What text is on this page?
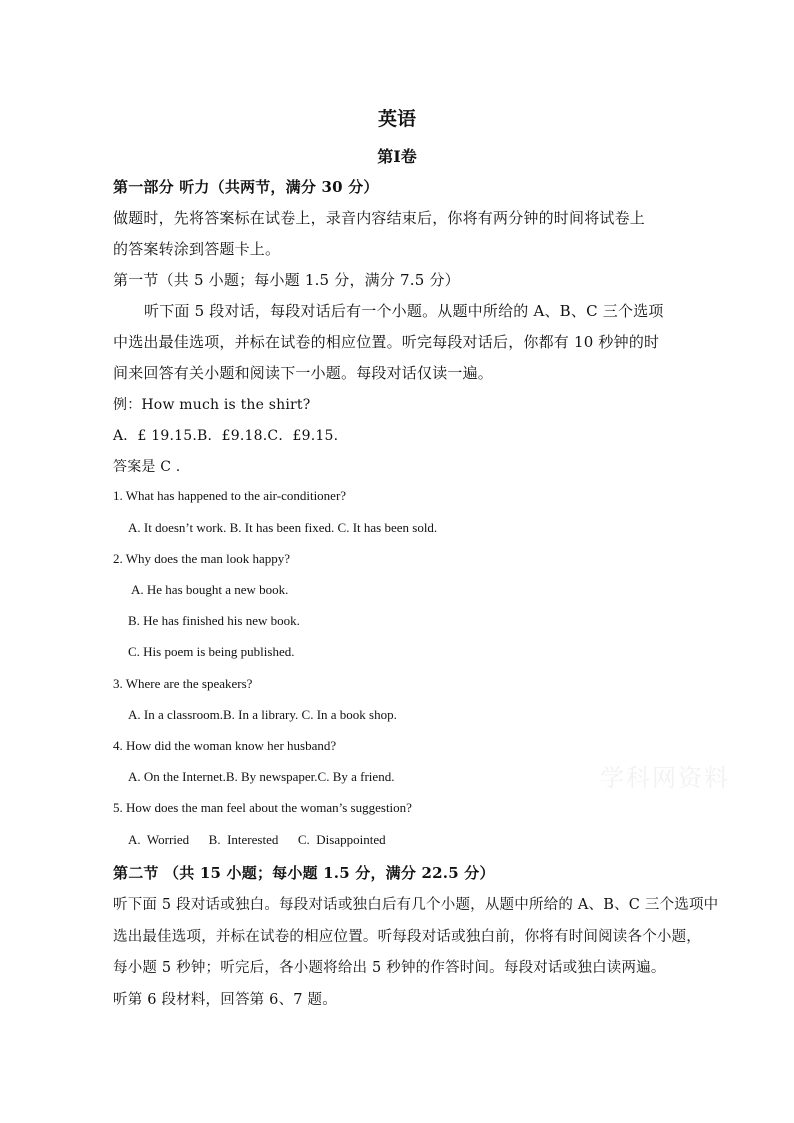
英语
第Ⅰ卷
第一部分 听力（共两节，满分 30 分）
做题时，先将答案标在试卷上，录音内容结束后，你将有两分钟的时间将试卷上
的答案转涂到答题卡上。
第一节（共 5 小题；每小题 1.5 分，满分 7.5 分）
听下面 5 段对话，每段对话后有一个小题。从题中所给的 A、B、C 三个选项
中选出最佳选项，并标在试卷的相应位置。听完每段对话后，你都有 10 秒钟的时
间来回答有关小题和阅读下一小题。每段对话仅读一遍。
例：How much is the shirt?
A．£ 19.15.B．£9.18.C．£9.15.
答案是 C .
1. What has happened to the air-conditioner?
A. It doesn’t work. B. It has been fixed. C. It has been sold.
2. Why does the man look happy?
A. He has bought a new book.
B. He has finished his new book.
C. His poem is being published.
3. Where are the speakers?
A. In a classroom.B. In a library. C. In a book shop.
4. How did the woman know her husband?
A. On the Internet.B. By newspaper.C. By a friend.
5. How does the man feel about the woman’s suggestion?
A.  Worried      B.  Interested      C.  Disappointed
第二节 （共 15 小题；每小题 1.5 分，满分 22.5 分）
听下面 5 段对话或独白。每段对话或独白后有几个小题，从题中所给的 A、B、C 三个选项中
选出最佳选项，并标在试卷的相应位置。听每段对话或独白前，你将有时间阅读各个小题，
每小题 5 秒钟；听完后，各小题将给出 5 秒钟的作答时间。每段对话或独白读两遍。
听第 6 段材料，回答第 6、7 题。
学科网资料
